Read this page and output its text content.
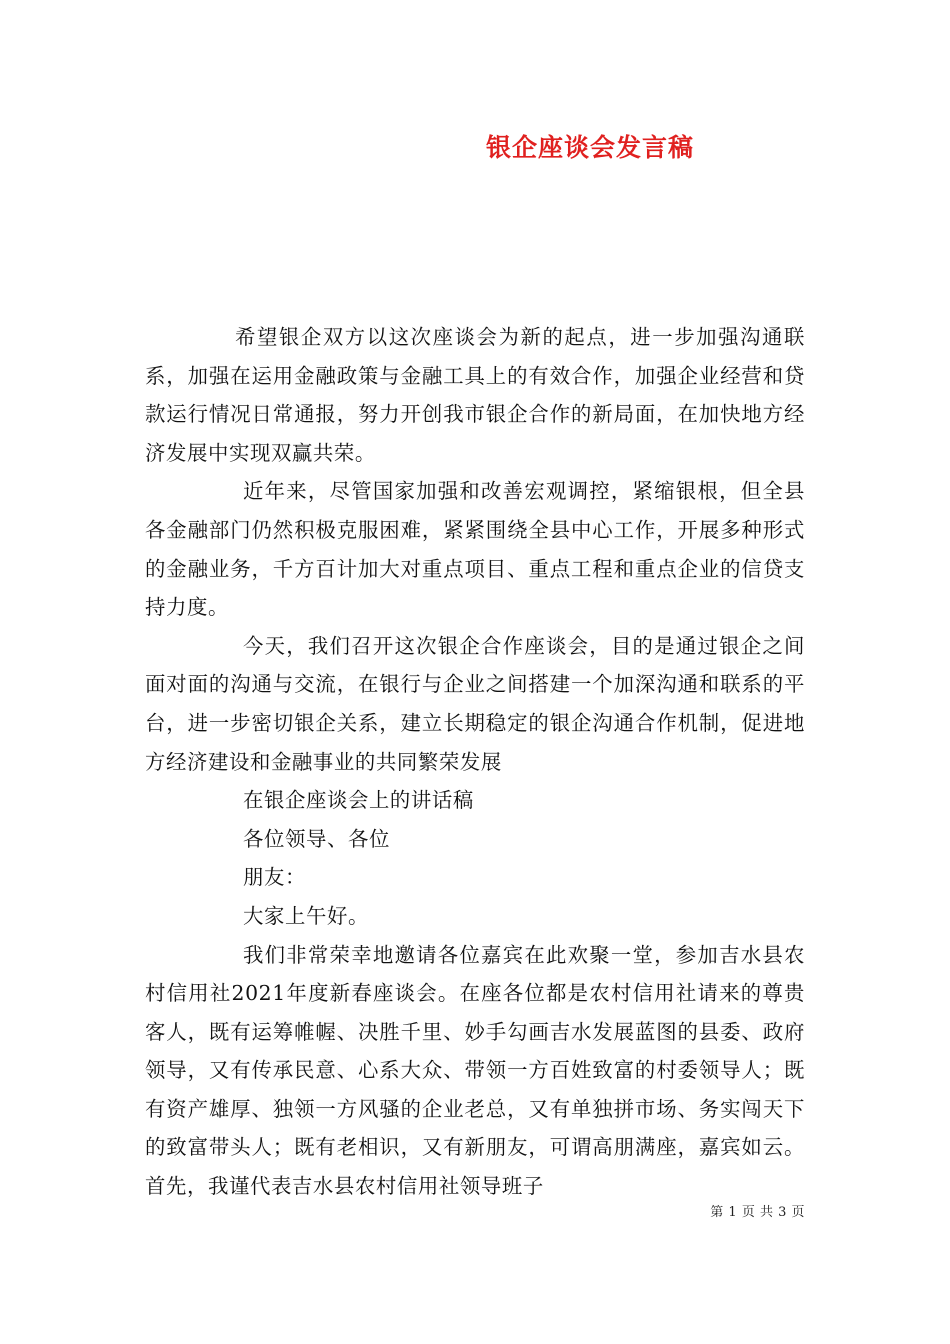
银企座谈会发言稿

希望银企双方以这次座谈会为新的起点，进一步加强沟通联系，加强在运用金融政策与金融工具上的有效合作，加强企业经营和贷款运行情况日常通报，努力开创我市银企合作的新局面，在加快地方经济发展中实现双赢共荣。

近年来，尽管国家加强和改善宏观调控，紧缩银根，但全县各金融部门仍然积极克服困难，紧紧围绕全县中心工作，开展多种形式的金融业务，千方百计加大对重点项目、重点工程和重点企业的信贷支持力度。

今天，我们召开这次银企合作座谈会，目的是通过银企之间面对面的沟通与交流，在银行与企业之间搭建一个加深沟通和联系的平台，进一步密切银企关系，建立长期稳定的银企沟通合作机制，促进地方经济建设和金融事业的共同繁荣发展

在银企座谈会上的讲话稿

各位领导、各位

朋友：

大家上午好。

我们非常荣幸地邀请各位嘉宾在此欢聚一堂，参加吉水县农村信用社2021年度新春座谈会。在座各位都是农村信用社请来的尊贵客人，既有运筹帷幄、决胜千里、妙手勾画吉水发展蓝图的县委、政府领导，又有传承民意、心系大众、带领一方百姓致富的村委领导人；既有资产雄厚、独领一方风骚的企业老总，又有单独拼市场、务实闯天下的致富带头人；既有老相识，又有新朋友，可谓高朋满座，嘉宾如云。首先，我谨代表吉水县农村信用社领导班子

第 1 页 共 3 页
